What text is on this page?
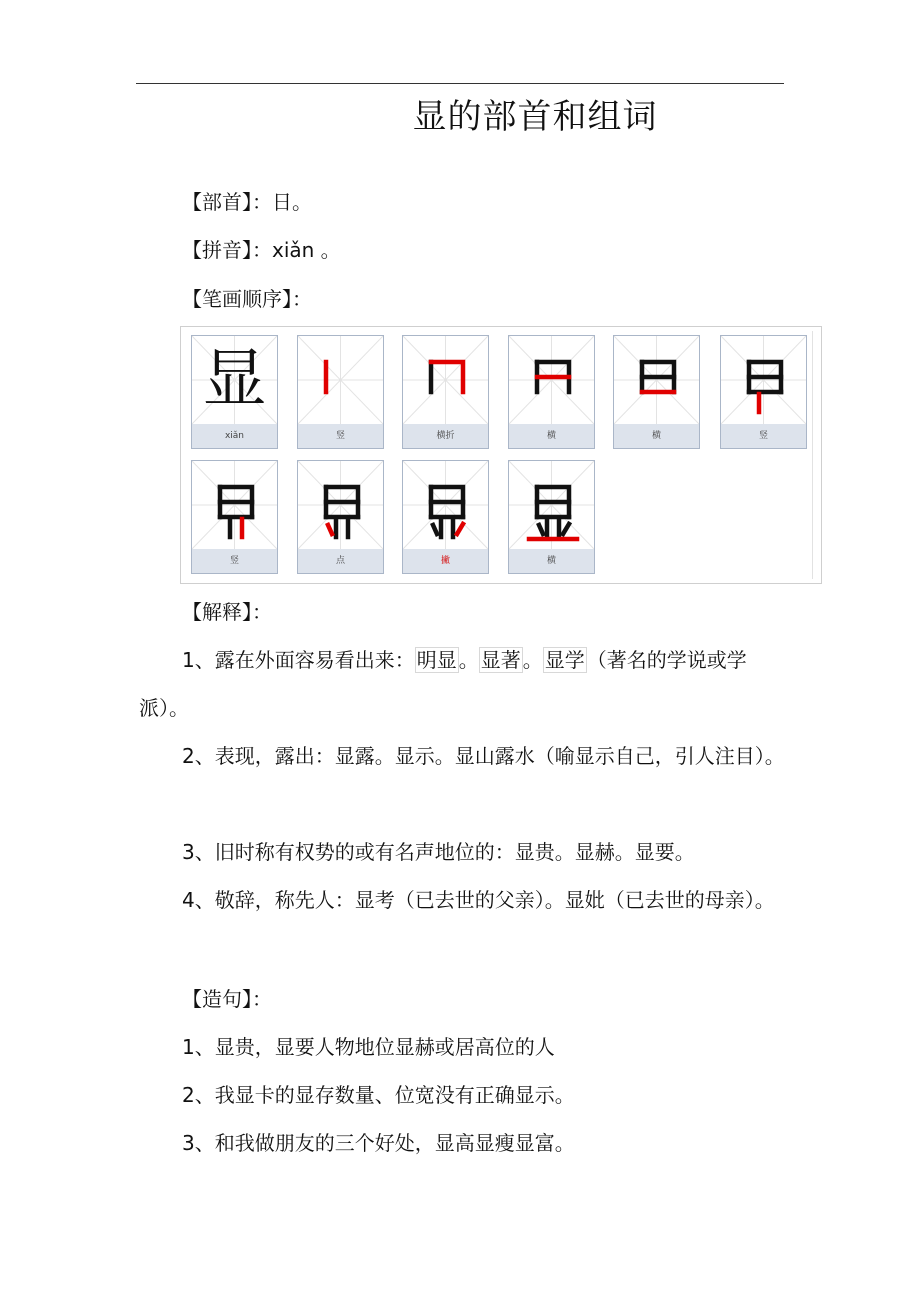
显的部首和组词
【部首】：日。
【拼音】：xiǎn 。
【笔画顺序】：
显
xiǎn	竖	横折	横	横	竖
竖	点	撇	横
【解释】：
1、露在外面容易看出来： 明显 。 显著 。 显学 （著名的学说或学派）。
2、表现，露出：显露。显示。显山露水（喻显示自己，引人注目）。
3、旧时称有权势的或有名声地位的：显贵。显赫。显要。
4、敬辞，称先人：显考（已去世的父亲）。显妣（已去世的母亲）。
【造句】：
1、显贵，显要人物地位显赫或居高位的人
2、我显卡的显存数量、位宽没有正确显示。
3、和我做朋友的三个好处，显高显瘦显富。
